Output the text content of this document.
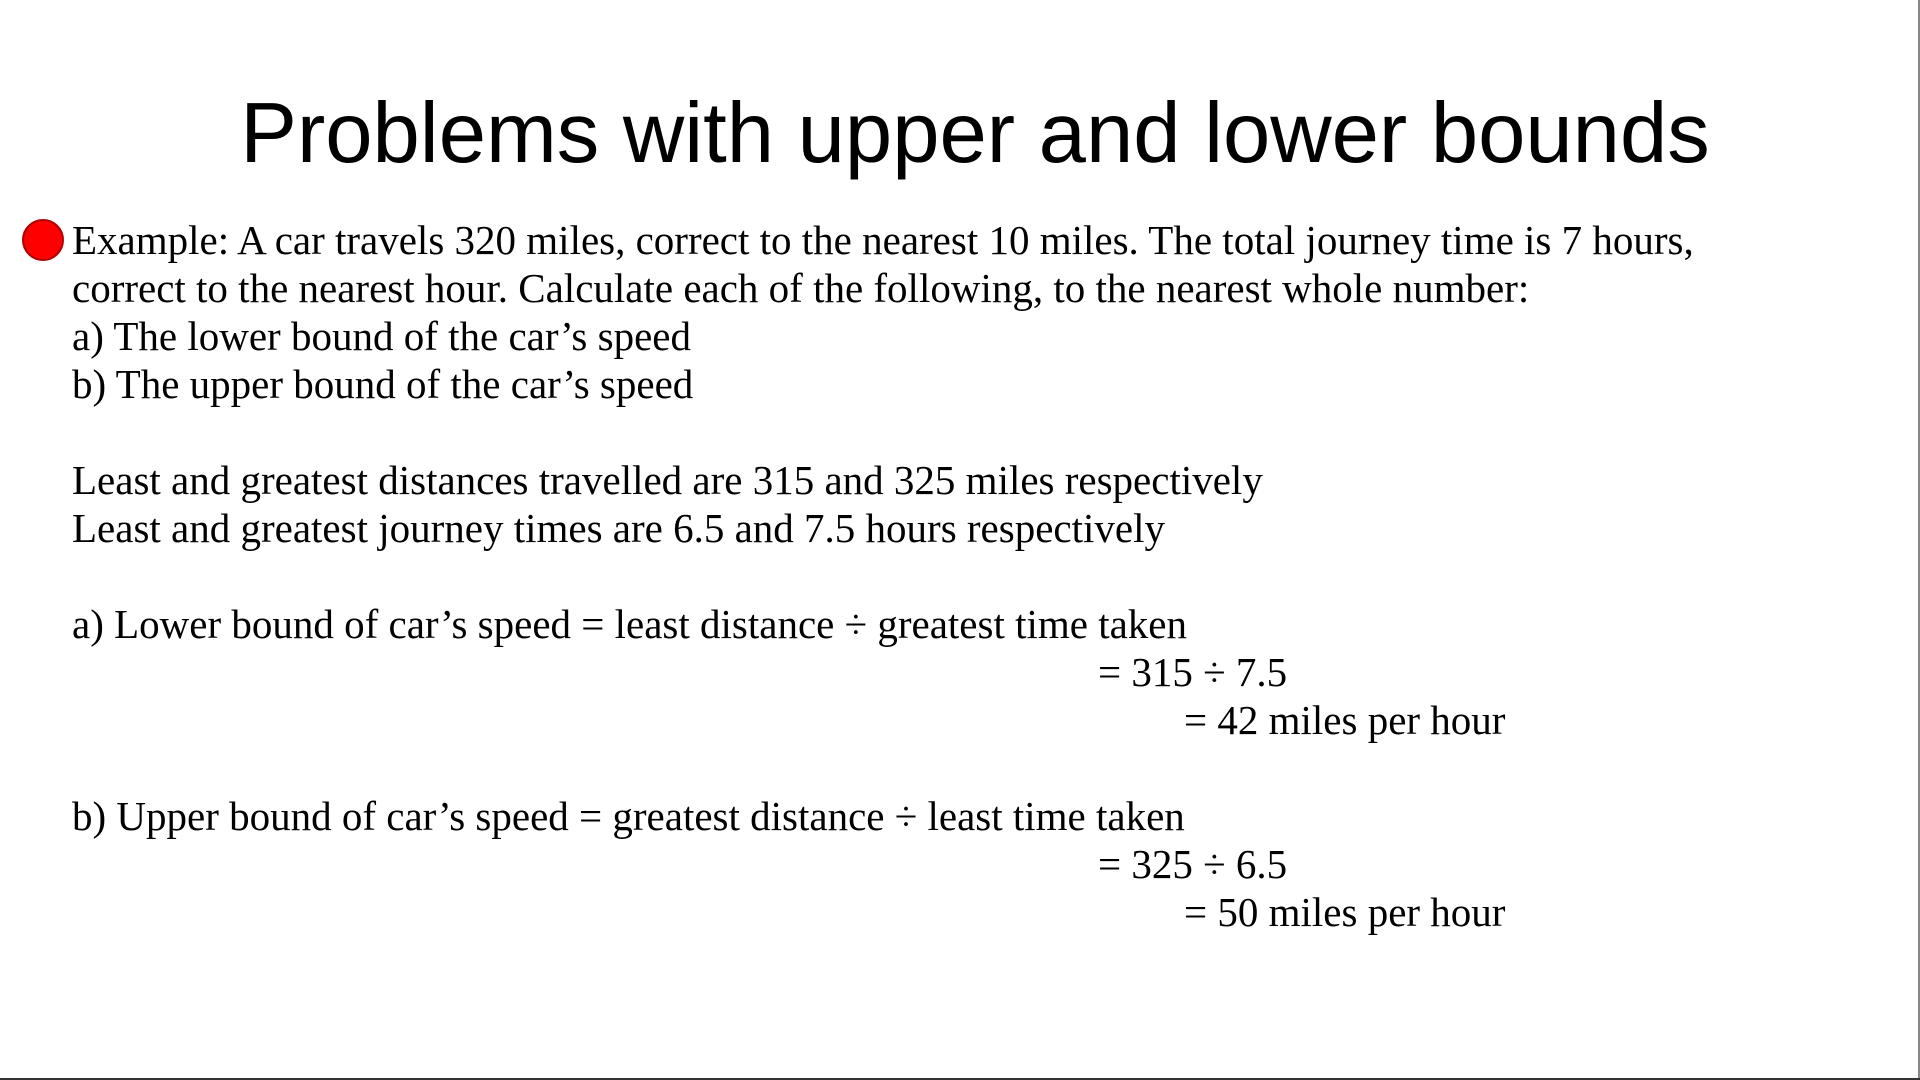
Problems with upper and lower bounds
Example: A car travels 320 miles, correct to the nearest 10 miles. The total journey time is 7 hours,
correct to the nearest hour. Calculate each of the following, to the nearest whole number:
a) The lower bound of the car’s speed
b) The upper bound of the car’s speed
Least and greatest distances travelled are 315 and 325 miles respectively
Least and greatest journey times are 6.5 and 7.5 hours respectively
a) Lower bound of car’s speed = least distance ÷ greatest time taken
= 315 ÷ 7.5
= 42 miles per hour
b) Upper bound of car’s speed = greatest distance ÷ least time taken
= 325 ÷ 6.5
= 50 miles per hour
